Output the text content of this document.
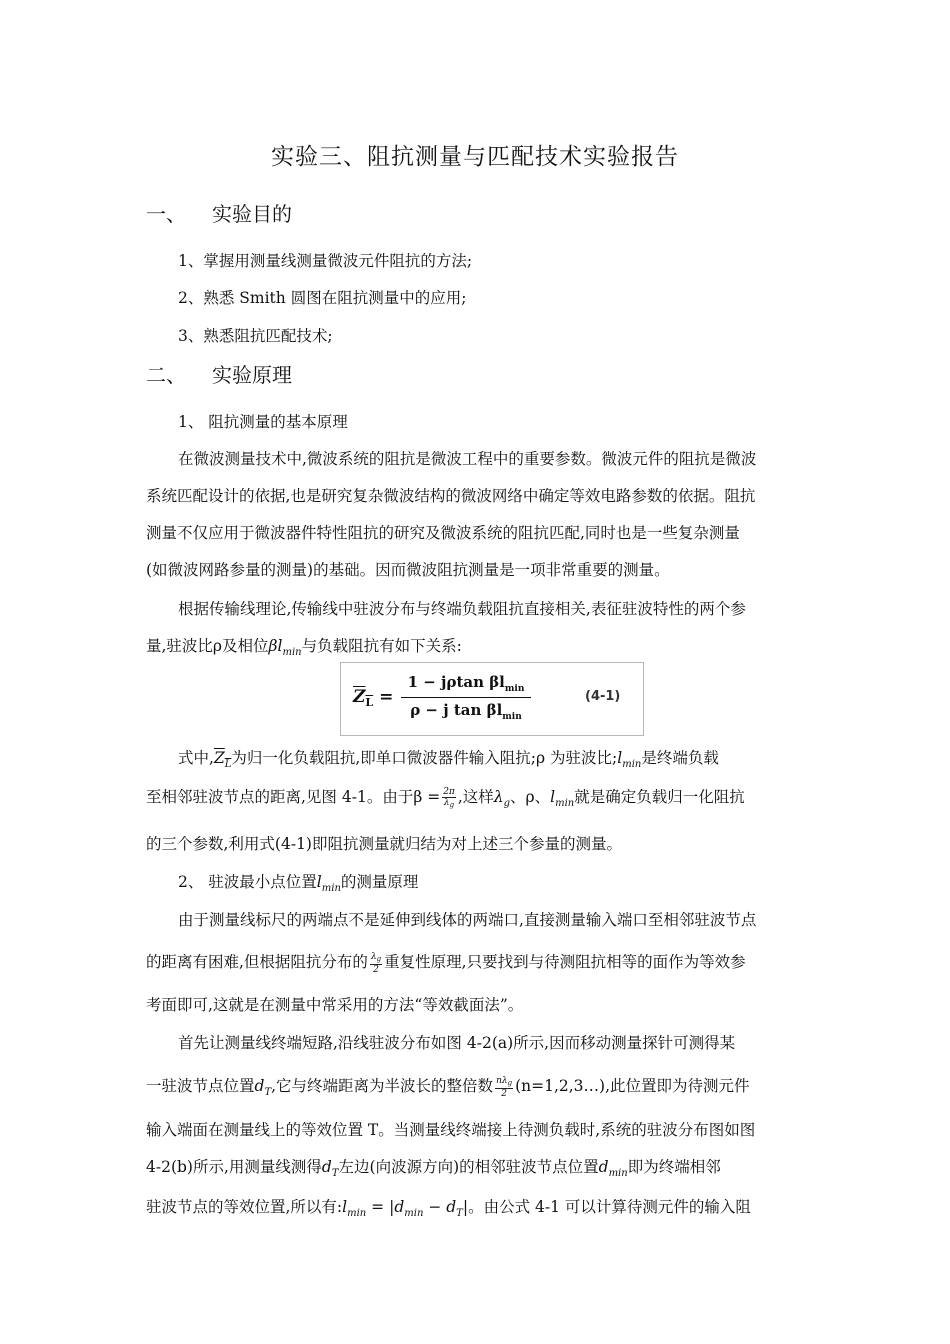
实验三、阻抗测量与匹配技术实验报告
一、 实验目的
1、掌握用测量线测量微波元件阻抗的方法;
2、熟悉 Smith 圆图在阻抗测量中的应用;
3、熟悉阻抗匹配技术;
二、 实验原理
1、 阻抗测量的基本原理
在微波测量技术中,微波系统的阻抗是微波工程中的重要参数。微波元件的阻抗是微波
系统匹配设计的依据,也是研究复杂微波结构的微波网络中确定等效电路参数的依据。阻抗
测量不仅应用于微波器件特性阻抗的研究及微波系统的阻抗匹配,同时也是一些复杂测量
(如微波网路参量的测量)的基础。因而微波阻抗测量是一项非常重要的测量。
根据传输线理论,传输线中驻波分布与终端负载阻抗直接相关,表征驻波特性的两个参
量,驻波比ρ及相位$\beta l_{min}$与负载阻抗有如下关系:
$Z_L$ =
1 − jρtan $\beta l_{min}$
ρ − j $\tan \beta l_{min}$
(4-1)
式中$,Z_L$为归一化负载阻抗,即单口微波器件输入阻抗;ρ 为驻波比$;l_{min}$是终端负载
至相邻驻波节点的距离,见图 4-1。由于$\beta = \frac{2\pi}{\lambda_g}$ ,这样$\lambda_g$、ρ、$l_{min}$就是确定负载归一化阻抗
的三个参数,利用式(4-1)即阻抗测量就归结为对上述三个参量的测量。
2、 驻波最小点位置$l_{min}$的测量原理
由于测量线标尺的两端点不是延伸到线体的两端口,直接测量输入端口至相邻驻波节点
的距离有困难,但根据阻抗分布的 $\frac{\lambda_g}{2}$ 重复性原理,只要找到与待测阻抗相等的面作为等效参
考面即可,这就是在测量中常采用的方法“等效截面法”。
首先让测量线终端短路,沿线驻波分布如图 4-2(a)所示,因而移动测量探针可测得某
一驻波节点位置$d_T$,它与终端距离为半波长的整倍数 $\frac{n\lambda_g}{2}$ (n=1,2,3…),此位置即为待测元件
输入端面在测量线上的等效位置 T。当测量线终端接上待测负载时,系统的驻波分布图如图
4-2(b)所示,用测量线测得$d_T$左边(向波源方向)的相邻驻波节点位置$d_{min}$即为终端相邻
驻波节点的等效位置,所以有$:l_{min} = |d_{min} - d_T|$。由公式 4-1 可以计算待测元件的输入阻
